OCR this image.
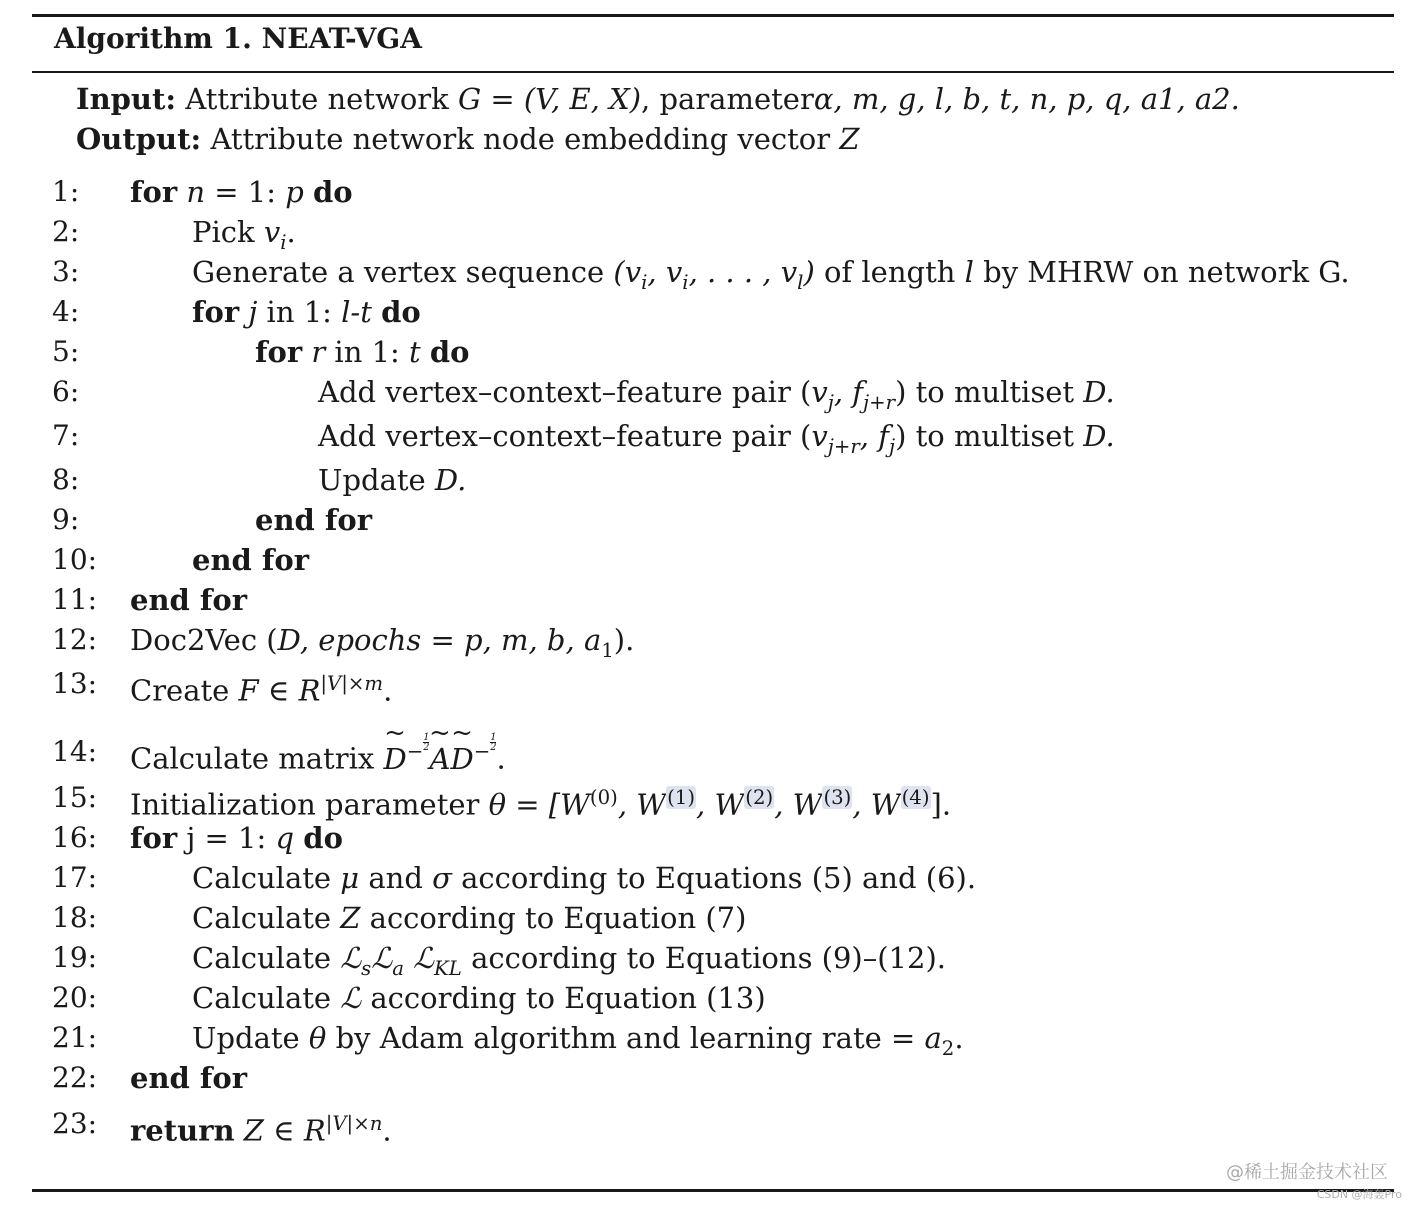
Algorithm 1. NEAT-VGA
Input: Attribute network G = (V, E, X), parameterα, m, g, l, b, t, n, p, q, a1, a2.
Output: Attribute network node embedding vector Z
1: for n = 1: p do
2:	Pick $v_i$.
3:	Generate a vertex sequence ($v_i$, $v_i$, . . . , $v_l$) of length l by MHRW on network G.
4:	for j in 1: l-t do
5:	for r in 1: t do
6:	Add vertex–context–feature pair ($v_j$, $f_{j+r}$) to multiset D.
7:	Add vertex–context–feature pair ($v_{j+r}$, $f_j$) to multiset D.
8:	Update D.
9:	end for
10:	end for
11: end for
12: Doc2Vec (D, epochs = p, m, b, $a_1$).
13: Create F ∈ $R^{|V|\times m}$.
14: Calculate matrix ~ $D^{- \frac{1}{2}}$
~ A~ $D^{- \frac{1}{2}}$ .
15: Initialization parameter $\theta = [W^{(0)}$, $W^{(1)}$, $W^{(2)}$, $W^{(3)}$, $W^{(4)}$].
16: for j = 1: q do
17:	Calculate μ and σ according to Equations (5) and (6).
18:	Calculate Z according to Equation (7)
19:	Calculate ℒ$_s$ℒ$_a$ ℒ$_{KL}$ according to Equations (9)–(12).
20:	Calculate ℒ according to Equation (13)
21:	Update θ by Adam algorithm and learning rate = $a_2$.
22: end for
23: return Z ∈ $R^{|V|\times n}$.
@稀土掘金技术社区
CSDN @海轰Pro
